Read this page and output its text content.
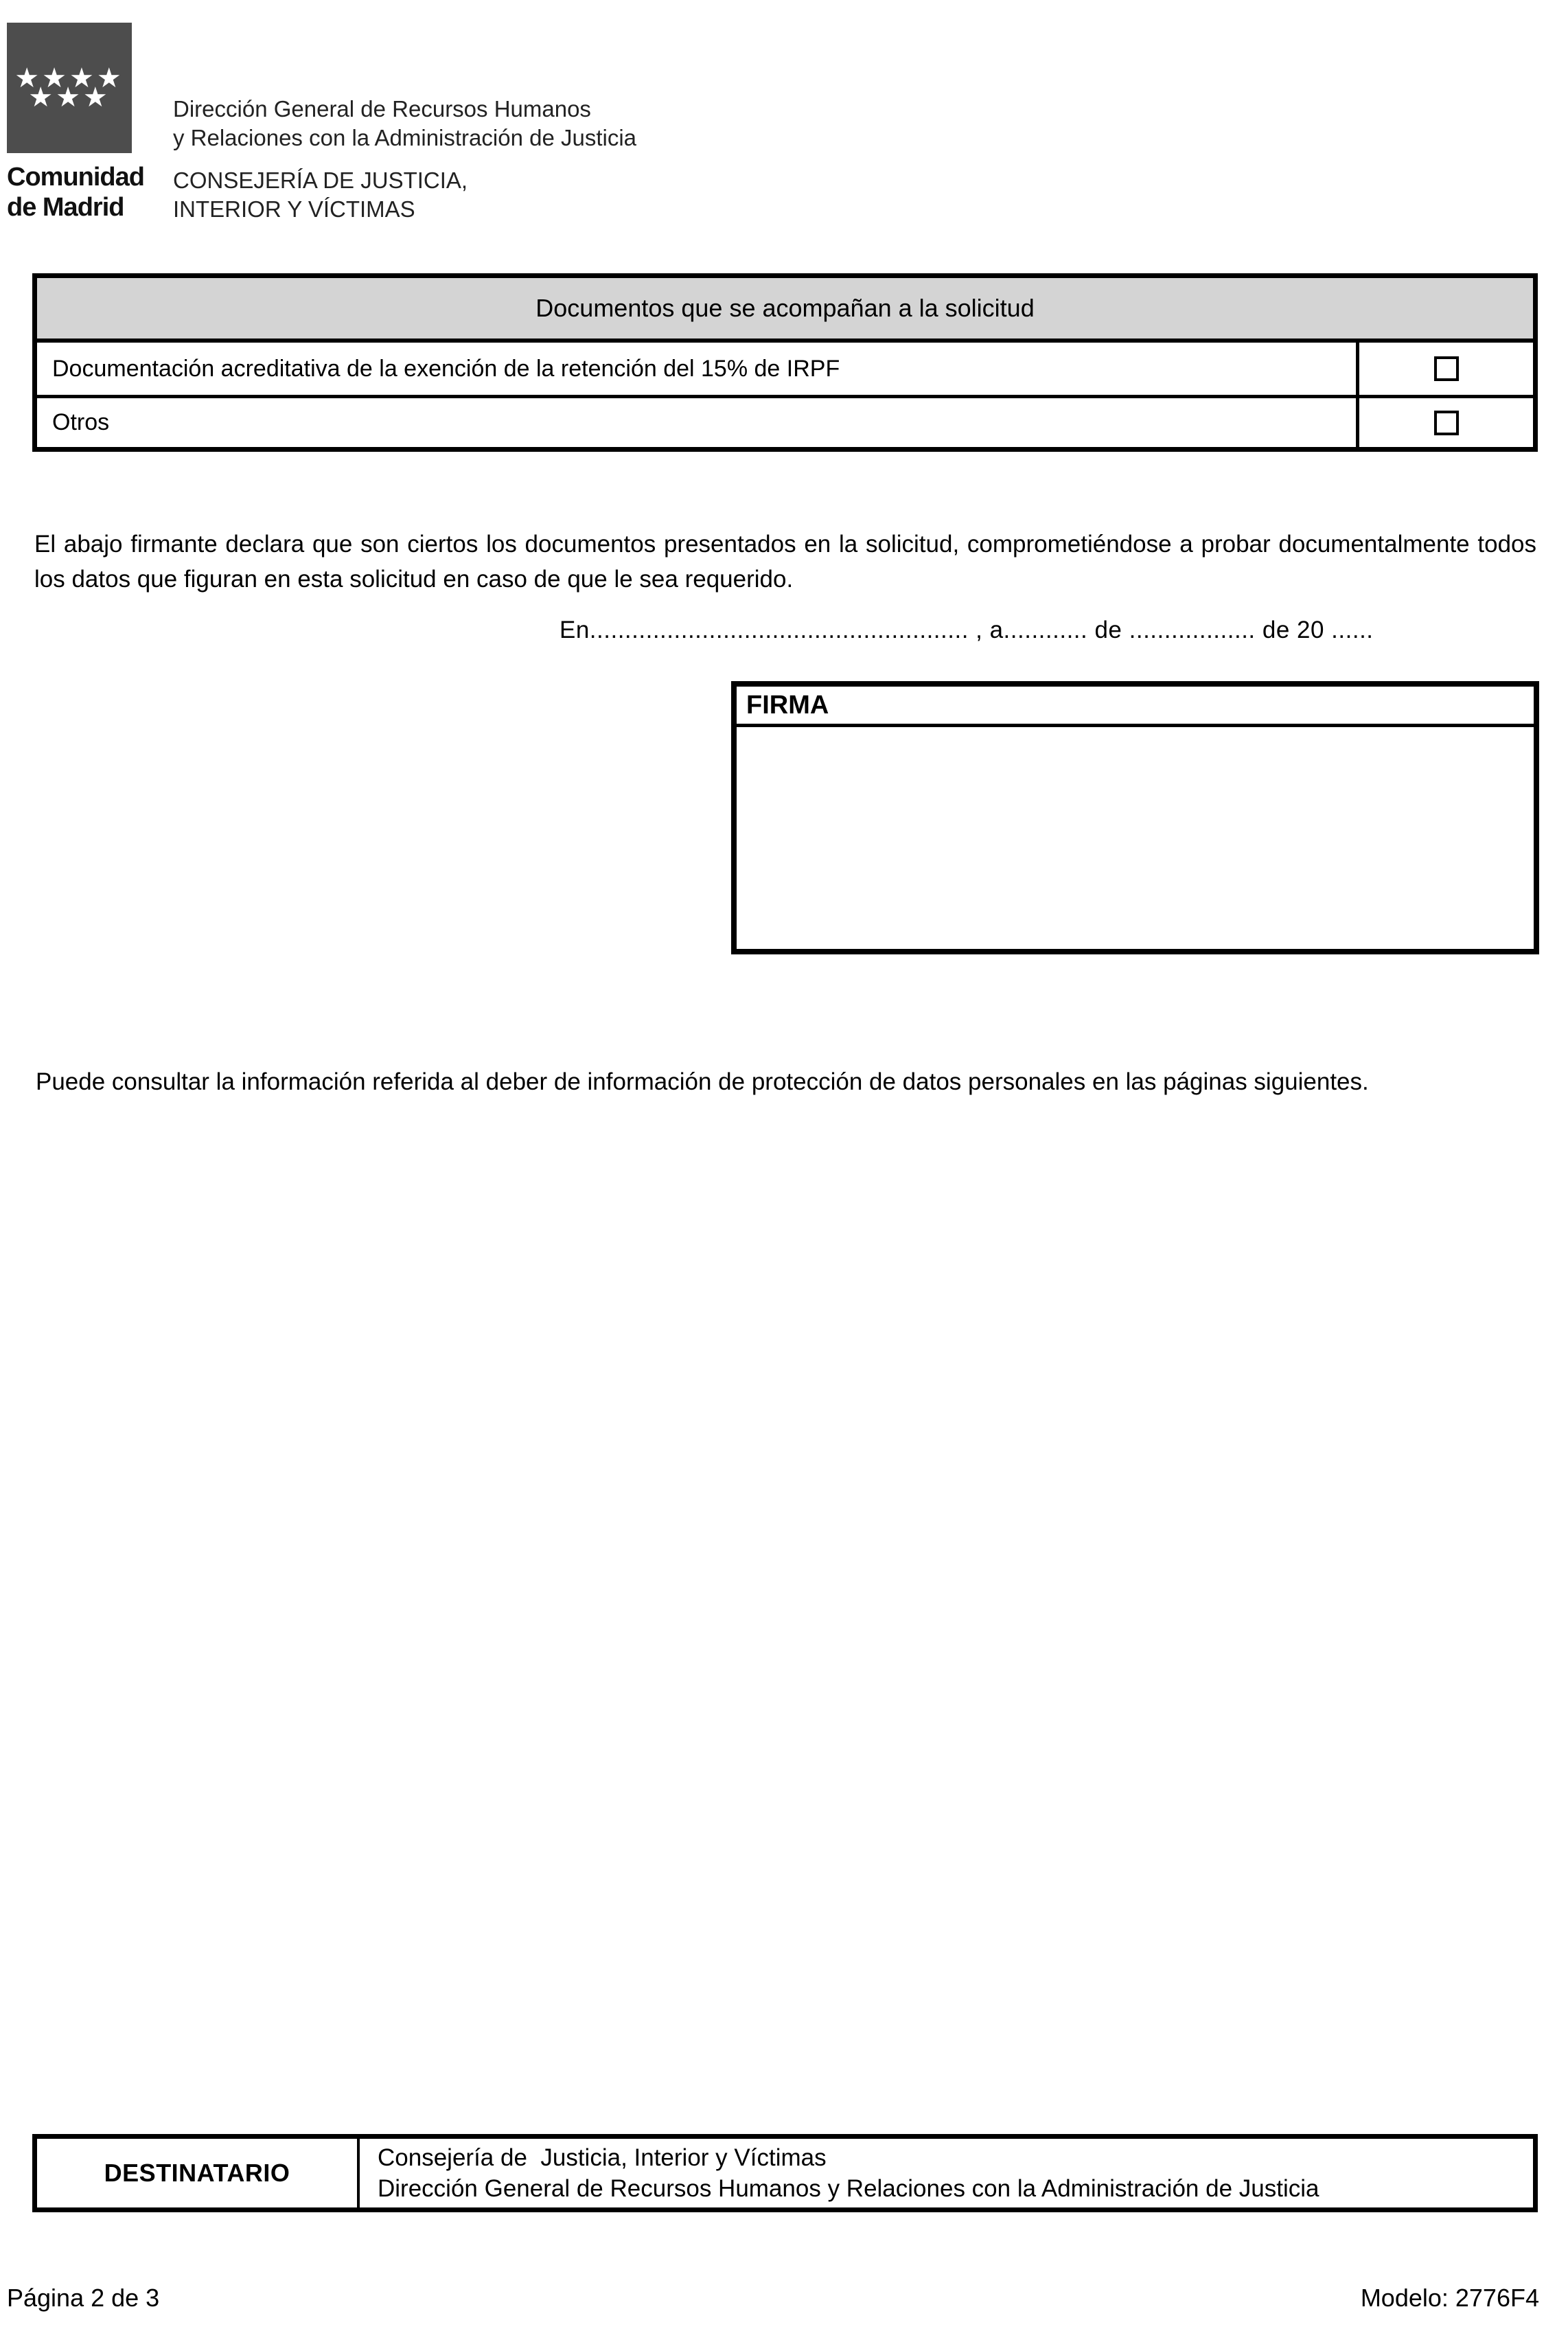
★★★★
★★★
Comunidad
de Madrid
Dirección General de Recursos Humanos
y Relaciones con la Administración de Justicia
CONSEJERÍA DE JUSTICIA,
INTERIOR Y VÍCTIMAS
Documentos que se acompañan a la solicitud
Documentación acreditativa de la exención de la retención del 15% de IRPF
Otros
El abajo firmante declara que son ciertos los documentos presentados en la solicitud, comprometiéndose a probar documentalmente todos los datos que figuran en esta solicitud en caso de que le sea requerido.
En...................................................... , a............ de .................. de 20 ......
FIRMA
Puede consultar la información referida al deber de información de protección de datos personales en las páginas siguientes.
DESTINATARIO
Consejería de  Justicia, Interior y Víctimas
Dirección General de Recursos Humanos y Relaciones con la Administración de Justicia
Página 2 de 3	Modelo: 2776F4
